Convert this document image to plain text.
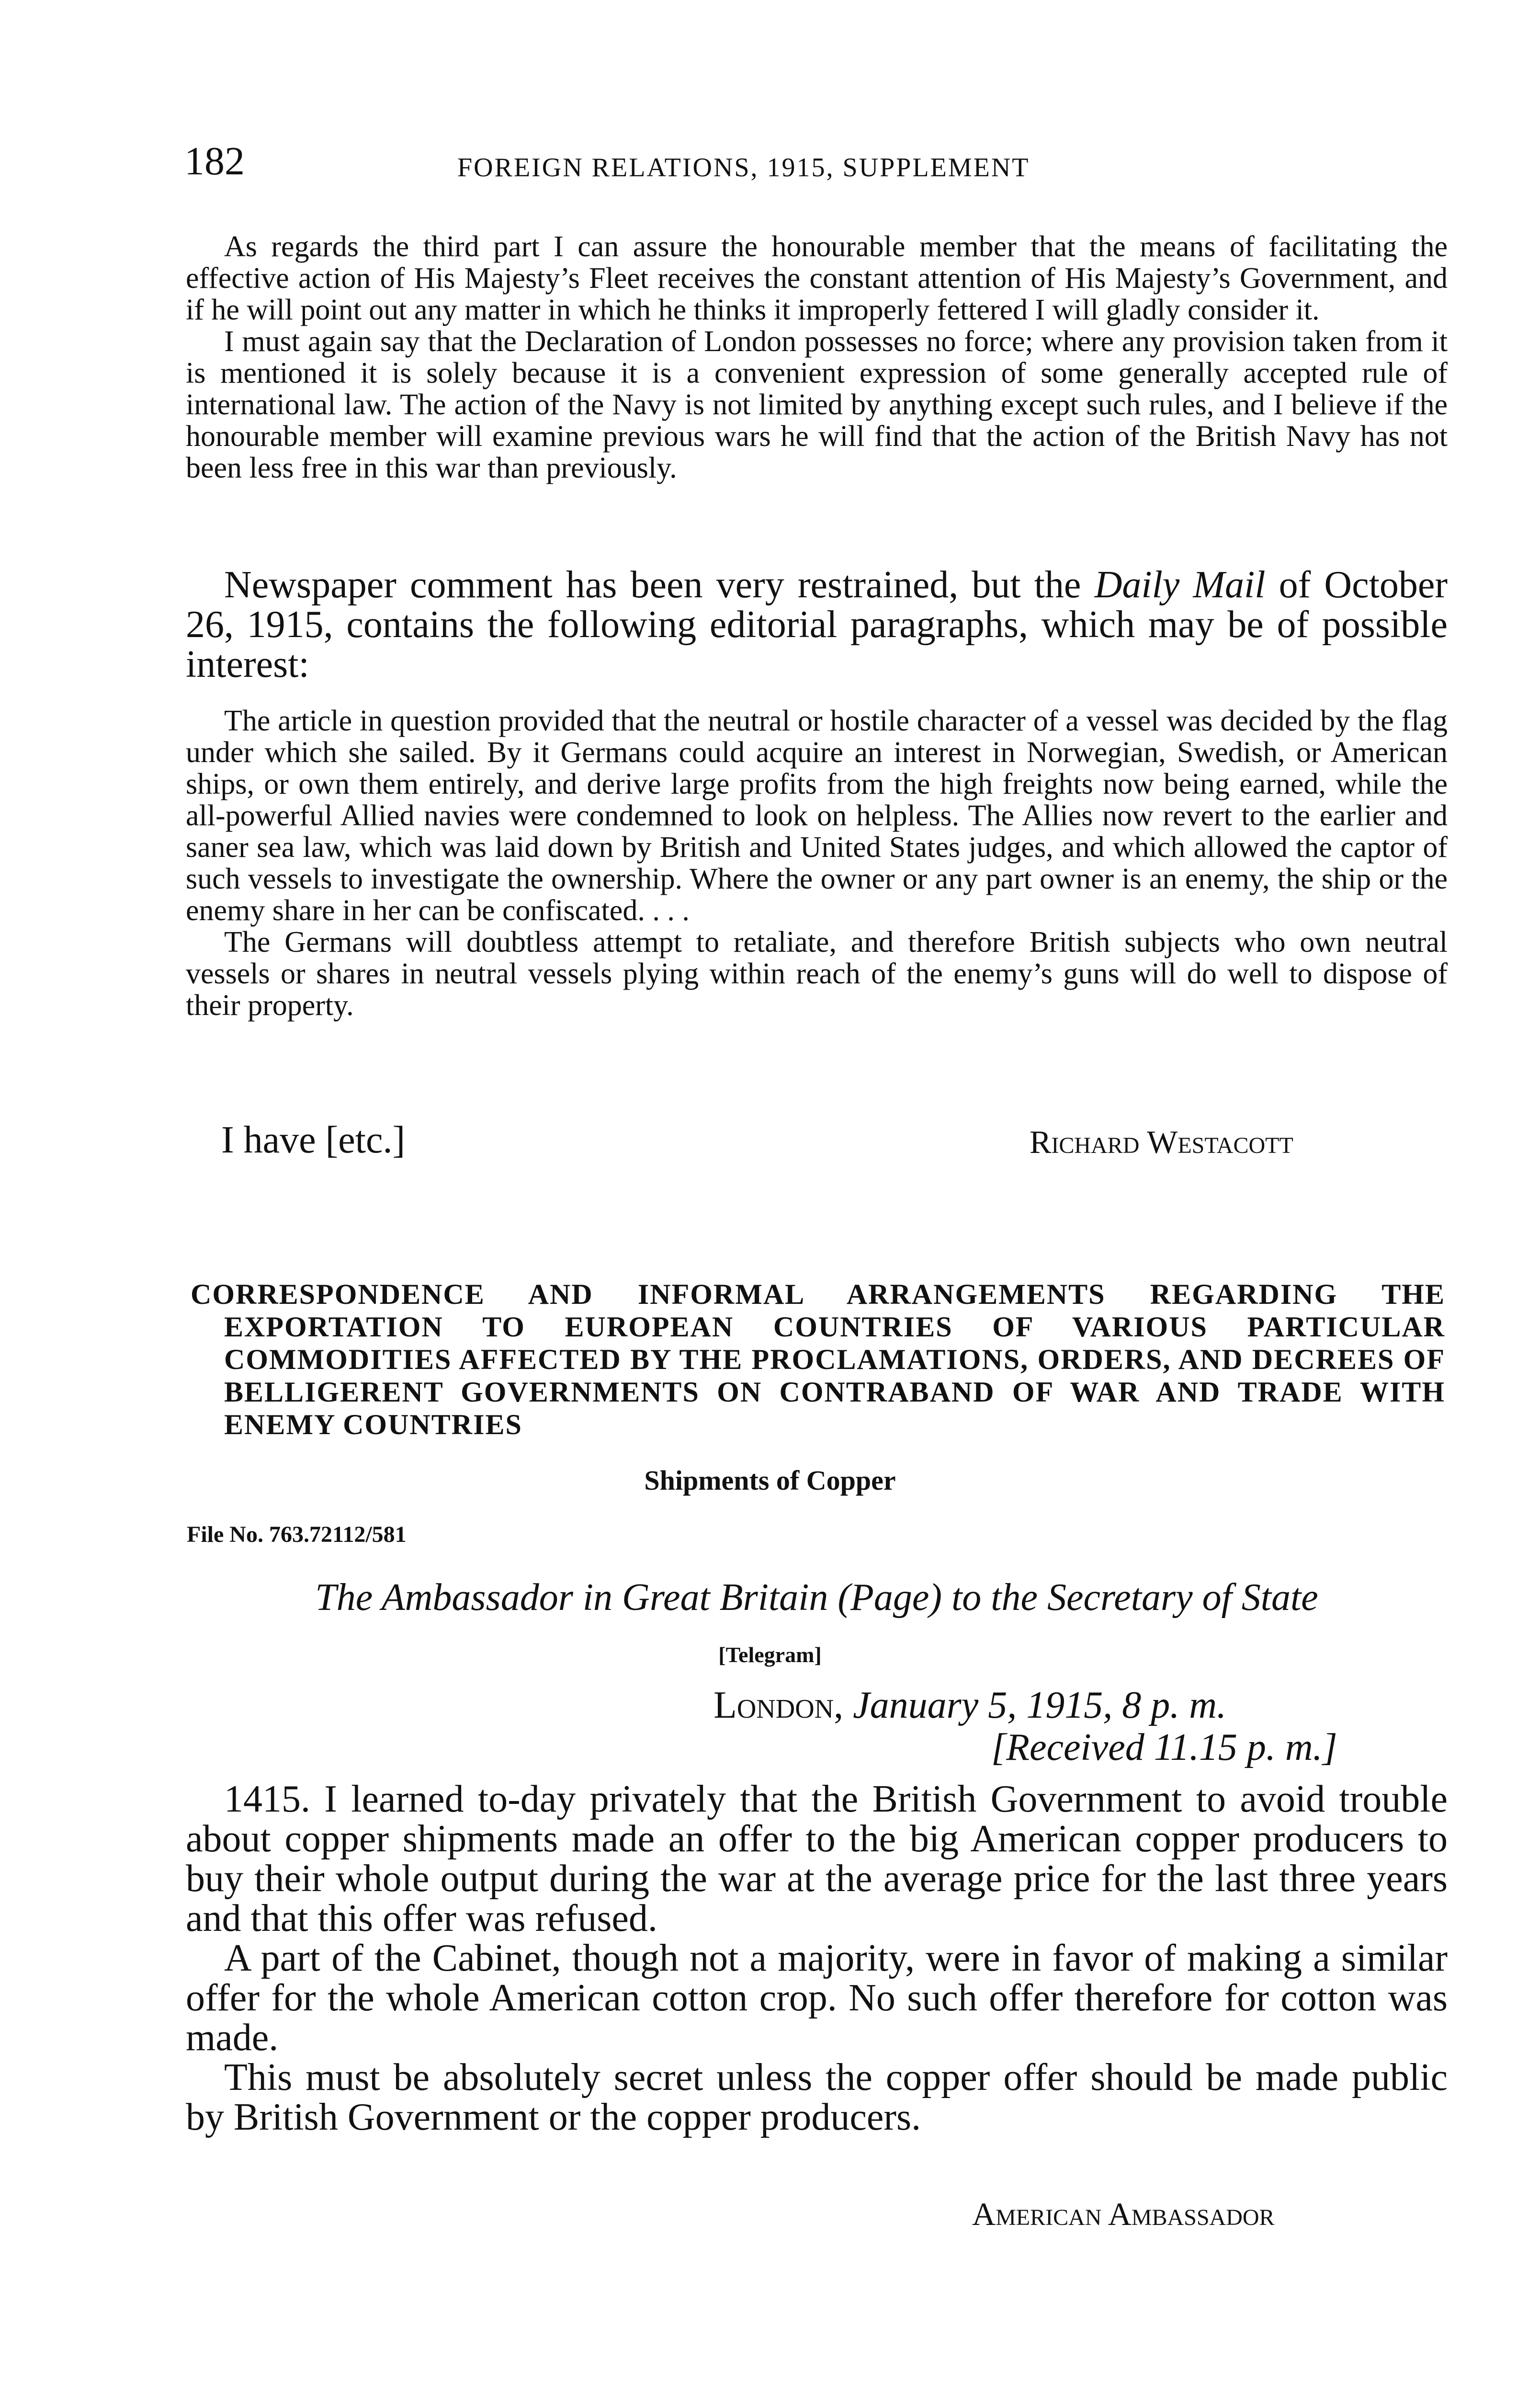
182	FOREIGN RELATIONS, 1915, SUPPLEMENT

As regards the third part I can assure the honourable member that the means of facilitating the effective action of His Majesty’s Fleet receives the constant attention of His Majesty’s Government, and if he will point out any matter in which he thinks it improperly fettered I will gladly consider it.

I must again say that the Declaration of London possesses no force; where any provision taken from it is mentioned it is solely because it is a convenient expression of some generally accepted rule of international law. The action of the Navy is not limited by anything except such rules, and I believe if the honourable member will examine previous wars he will find that the action of the British Navy has not been less free in this war than previously.

Newspaper comment has been very restrained, but the Daily Mail of October 26, 1915, contains the following editorial paragraphs, which may be of possible interest:

The article in question provided that the neutral or hostile character of a vessel was decided by the flag under which she sailed. By it Germans could acquire an interest in Norwegian, Swedish, or American ships, or own them entirely, and derive large profits from the high freights now being earned, while the all-powerful Allied navies were condemned to look on helpless. The Allies now revert to the earlier and saner sea law, which was laid down by British and United States judges, and which allowed the captor of such vessels to investigate the ownership. Where the owner or any part owner is an enemy, the ship or the enemy share in her can be confiscated. . . .

The Germans will doubtless attempt to retaliate, and therefore British subjects who own neutral vessels or shares in neutral vessels plying within reach of the enemy’s guns will do well to dispose of their property.

I have [etc.]	Richard Westacott
CORRESPONDENCE AND INFORMAL ARRANGEMENTS REGARDING THE EXPORTATION TO EUROPEAN COUNTRIES OF VARIOUS PARTICULAR COMMODITIES AFFECTED BY THE PROCLAMATIONS, ORDERS, AND DECREES OF BELLIGERENT GOVERNMENTS ON CONTRABAND OF WAR AND TRADE WITH ENEMY COUNTRIES
Shipments of Copper
File No. 763.72112/581
The Ambassador in Great Britain (Page) to the Secretary of State
[Telegram]
London, January 5, 1915, 8 p. m.
[Received 11.15 p. m.]

1415. I learned to-day privately that the British Government to avoid trouble about copper shipments made an offer to the big American copper producers to buy their whole output during the war at the average price for the last three years and that this offer was refused.

A part of the Cabinet, though not a majority, were in favor of making a similar offer for the whole American cotton crop. No such offer therefore for cotton was made.

This must be absolutely secret unless the copper offer should be made public by British Government or the copper producers.

American Ambassador
